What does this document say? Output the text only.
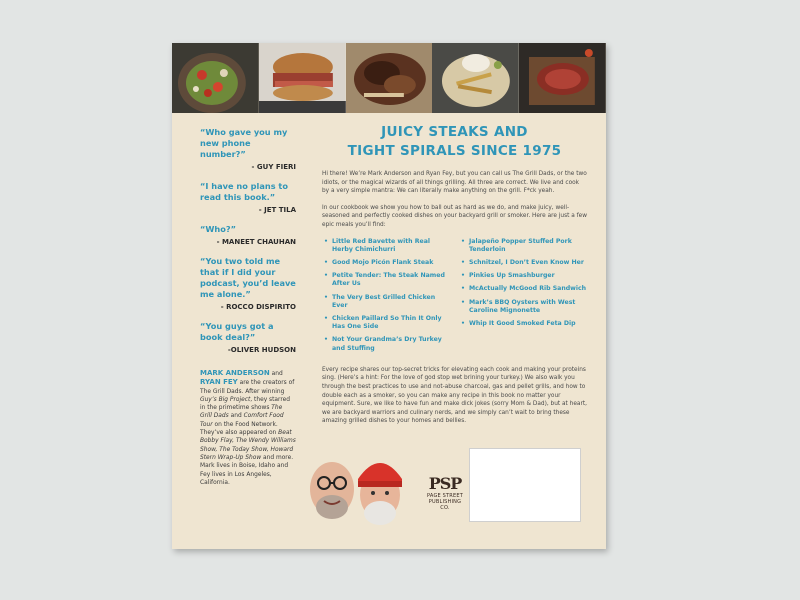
“Who gave you my new phone number?”
- GUY FIERI
“I have no plans to read this book.”
- JET TILA
“Who?”
- MANEET CHAUHAN
“You two told me that if I did your podcast, you’d leave me alone.”
- ROCCO DISPIRITO
“You guys got a book deal?”
-OLIVER HUDSON
MARK ANDERSON and RYAN FEY are the creators of The Grill Dads. After winning Guy’s Big Project, they starred in the primetime shows The Grill Dads and Comfort Food Tour on the Food Network. They’ve also appeared on Beat Bobby Flay, The Wendy Williams Show, The Today Show, Howard Stern Wrap-Up Show and more. Mark lives in Boise, Idaho and Fey lives in Los Angeles, California.
JUICY STEAKS AND
TIGHT SPIRALS SINCE 1975

Hi there! We’re Mark Anderson and Ryan Fey, but you can call us The Grill Dads, or the two idiots, or the magical wizards of all things grilling. All three are correct. We live and cook by a very simple mantra: We can literally make anything on the grill. F*ck yeah.

In our cookbook we show you how to ball out as hard as we do, and make juicy, well-seasoned and perfectly cooked dishes on your backyard grill or smoker. Here are just a few epic meals you’ll find:

• Little Red Bavette with Real Herby Chimichurri
• Good Mojo Picón Flank Steak
• Petite Tender: The Steak Named After Us
• The Very Best Grilled Chicken Ever
• Chicken Paillard So Thin It Only Has One Side
• Not Your Grandma’s Dry Turkey and Stuffing
• Jalapeño Popper Stuffed Pork Tenderloin
• Schnitzel, I Don’t Even Know Her
• Pinkies Up Smashburger
• McActually McGood Rib Sandwich
• Mark’s BBQ Oysters with West Caroline Mignonette
• Whip It Good Smoked Feta Dip

Every recipe shares our top-secret tricks for elevating each cook and making your proteins sing. (Here’s a hint: For the love of god stop wet brining your turkey.) We also walk you through the best practices to use and not-abuse charcoal, gas and pellet grills, and how to double each as a smoker, so you can make any recipe in this book no matter your equipment. Sure, we like to have fun and make dick jokes (sorry Mom & Dad), but at heart, we are backyard warriors and culinary nerds, and we simply can’t wait to bring these amazing grilled dishes to your homes and bellies.

PSP
PAGE STREET
PUBLISHING CO.
